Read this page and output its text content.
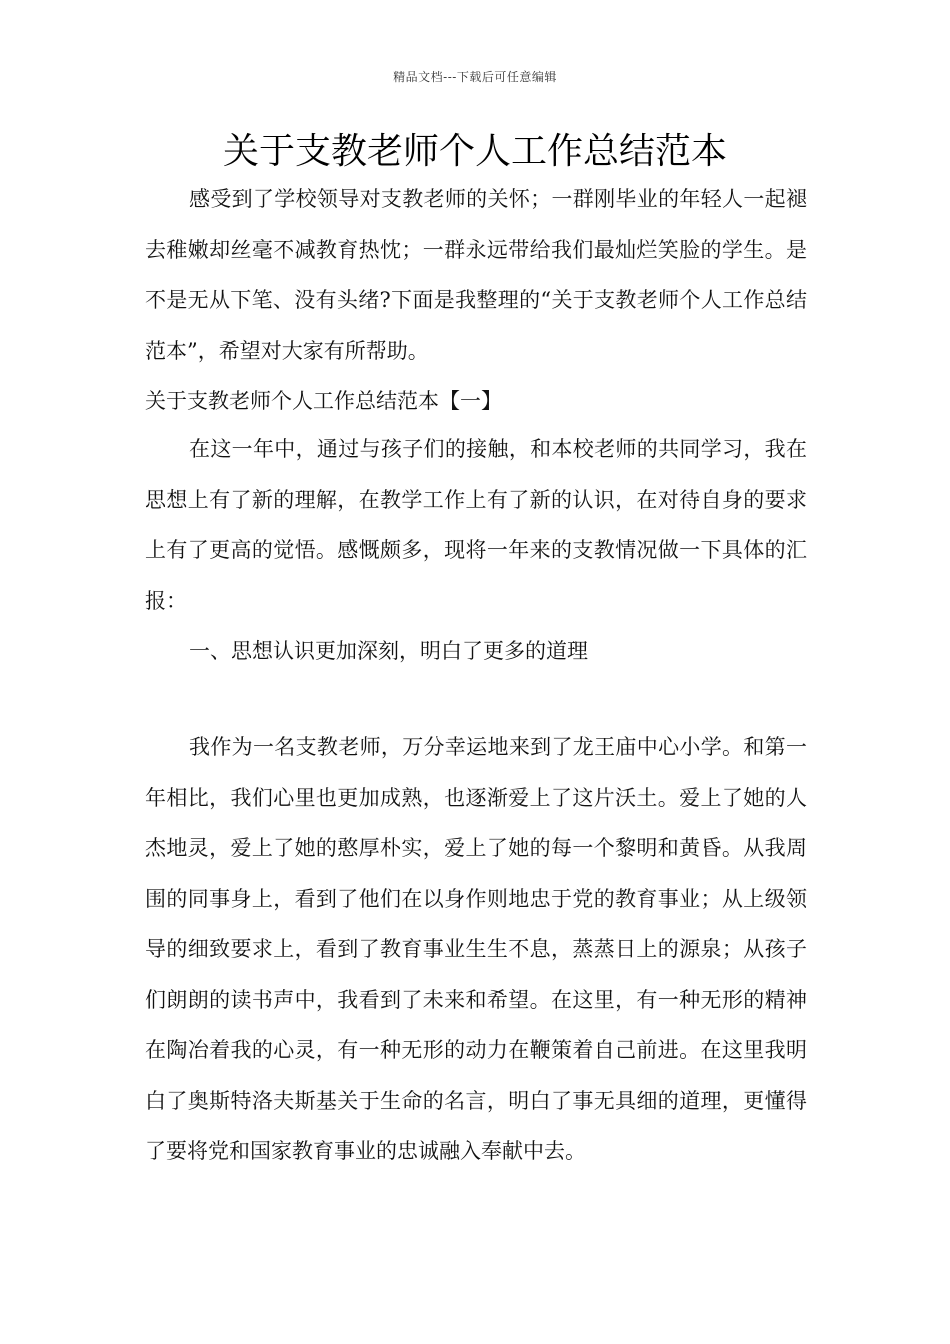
精品文档---下载后可任意编辑
关于支教老师个人工作总结范本

感受到了学校领导对支教老师的关怀；一群刚毕业的年轻人一起褪去稚嫩却丝毫不减教育热忱；一群永远带给我们最灿烂笑脸的学生。是不是无从下笔、没有头绪?下面是我整理的“关于支教老师个人工作总结范本”，希望对大家有所帮助。

关于支教老师个人工作总结范本【一】

在这一年中，通过与孩子们的接触，和本校老师的共同学习，我在思想上有了新的理解，在教学工作上有了新的认识，在对待自身的要求上有了更高的觉悟。感慨颇多，现将一年来的支教情况做一下具体的汇报：

一、思想认识更加深刻，明白了更多的道理

我作为一名支教老师，万分幸运地来到了龙王庙中心小学。和第一年相比，我们心里也更加成熟，也逐渐爱上了这片沃土。爱上了她的人杰地灵，爱上了她的憨厚朴实，爱上了她的每一个黎明和黄昏。从我周围的同事身上，看到了他们在以身作则地忠于党的教育事业；从上级领导的细致要求上，看到了教育事业生生不息，蒸蒸日上的源泉；从孩子们朗朗的读书声中，我看到了未来和希望。在这里，有一种无形的精神在陶冶着我的心灵，有一种无形的动力在鞭策着自己前进。在这里我明白了奥斯特洛夫斯基关于生命的名言，明白了事无具细的道理，更懂得了要将党和国家教育事业的忠诚融入奉献中去。
